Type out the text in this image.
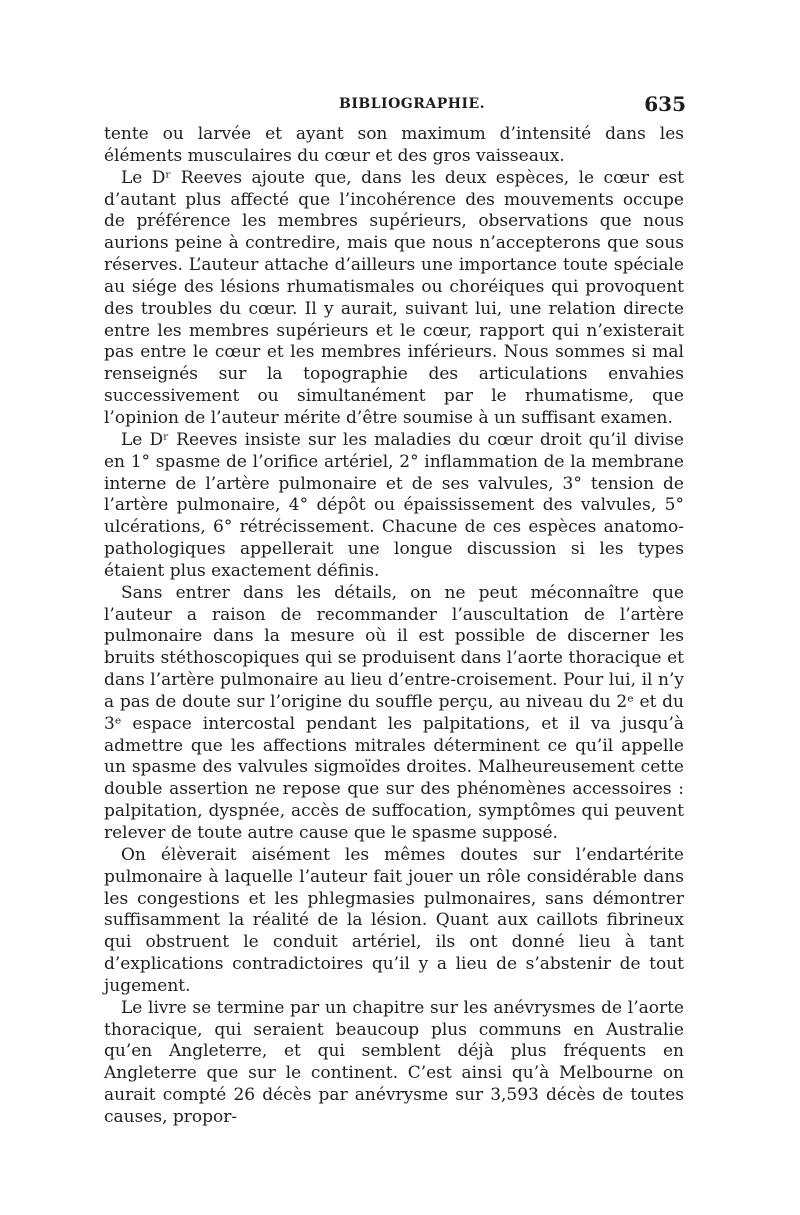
BIBLIOGRAPHIE.	635

tente ou larvée et ayant son maximum d’intensité dans les éléments musculaires du cœur et des gros vaisseaux.

Le Dʳ Reeves ajoute que, dans les deux espèces, le cœur est d’autant plus affecté que l’incohérence des mouvements occupe de préférence les membres supérieurs, observations que nous aurions peine à contredire, mais que nous n’accepterons que sous réserves. L’auteur attache d’ailleurs une importance toute spéciale au siége des lésions rhumatismales ou choréiques qui provoquent des troubles du cœur. Il y aurait, suivant lui, une relation directe entre les membres supérieurs et le cœur, rapport qui n’existerait pas entre le cœur et les membres inférieurs. Nous sommes si mal renseignés sur la topographie des articulations envahies successivement ou simultanément par le rhumatisme, que l’opinion de l’auteur mérite d’être soumise à un suffisant examen.

Le Dʳ Reeves insiste sur les maladies du cœur droit qu’il divise en 1° spasme de l’orifice artériel, 2° inflammation de la membrane interne de l’artère pulmonaire et de ses valvules, 3° tension de l’artère pulmonaire, 4° dépôt ou épaississement des valvules, 5° ulcérations, 6° rétrécissement. Chacune de ces espèces anatomo-pathologiques appellerait une longue discussion si les types étaient plus exactement définis.

Sans entrer dans les détails, on ne peut méconnaître que l’auteur a raison de recommander l’auscultation de l’artère pulmonaire dans la mesure où il est possible de discerner les bruits stéthoscopiques qui se produisent dans l’aorte thoracique et dans l’artère pulmonaire au lieu d’entre-croisement. Pour lui, il n’y a pas de doute sur l’origine du souffle perçu, au niveau du 2ᵉ et du 3ᵉ espace intercostal pendant les palpitations, et il va jusqu’à admettre que les affections mitrales déterminent ce qu’il appelle un spasme des valvules sigmoïdes droites. Malheureusement cette double assertion ne repose que sur des phénomènes accessoires : palpitation, dyspnée, accès de suffocation, symptômes qui peuvent relever de toute autre cause que le spasme supposé.

On élèverait aisément les mêmes doutes sur l’endartérite pulmonaire à laquelle l’auteur fait jouer un rôle considérable dans les congestions et les phlegmasies pulmonaires, sans démontrer suffisamment la réalité de la lésion. Quant aux caillots fibrineux qui obstruent le conduit artériel, ils ont donné lieu à tant d’explications contradictoires qu’il y a lieu de s’abstenir de tout jugement.

Le livre se termine par un chapitre sur les anévrysmes de l’aorte thoracique, qui seraient beaucoup plus communs en Australie qu’en Angleterre, et qui semblent déjà plus fréquents en Angleterre que sur le continent. C’est ainsi qu’à Melbourne on aurait compté 26 décès par anévrysme sur 3,593 décès de toutes causes, propor-
